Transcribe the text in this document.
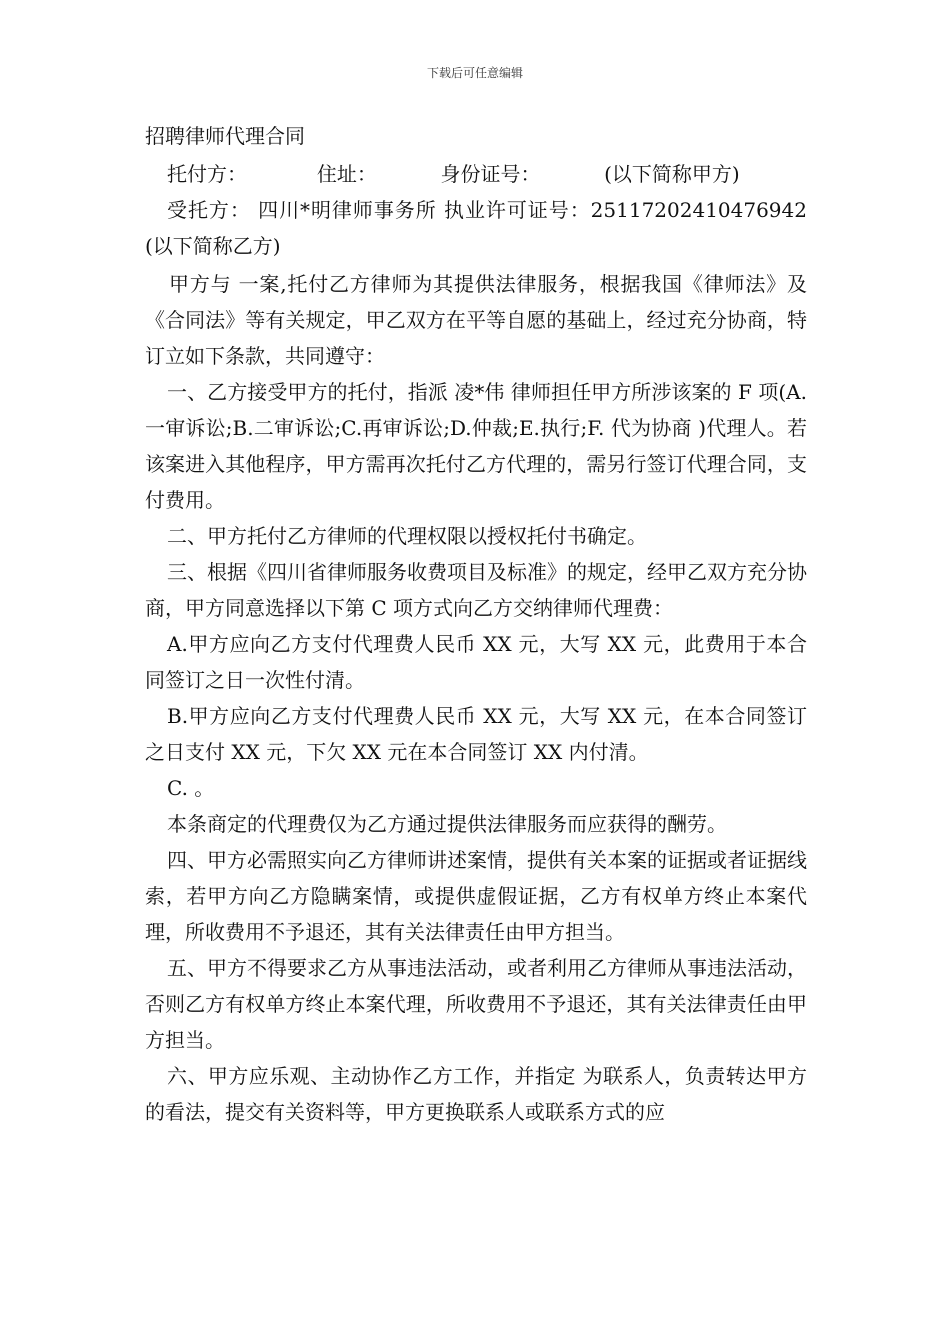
下载后可任意编辑

招聘律师代理合同

托付方：           住址：          身份证号：          (以下简称甲方)

受托方： 四川*明律师事务所 执业许可证号：25117202410476942 (以下简称乙方)

甲方与 一案,托付乙方律师为其提供法律服务，根据我国《律师法》及《合同法》等有关规定，甲乙双方在平等自愿的基础上，经过充分协商，特订立如下条款，共同遵守：

一、乙方接受甲方的托付，指派 凌*伟 律师担任甲方所涉该案的 F 项(A.一审诉讼;B.二审诉讼;C.再审诉讼;D.仲裁;E.执行;F. 代为协商 )代理人。若该案进入其他程序，甲方需再次托付乙方代理的，需另行签订代理合同，支付费用。

二、甲方托付乙方律师的代理权限以授权托付书确定。

三、根据《四川省律师服务收费项目及标准》的规定，经甲乙双方充分协商，甲方同意选择以下第 C 项方式向乙方交纳律师代理费：

A.甲方应向乙方支付代理费人民币 XX 元，大写 XX 元，此费用于本合同签订之日一次性付清。

B.甲方应向乙方支付代理费人民币 XX 元，大写 XX 元，在本合同签订之日支付 XX 元，下欠 XX 元在本合同签订 XX 内付清。

C. 。

本条商定的代理费仅为乙方通过提供法律服务而应获得的酬劳。

四、甲方必需照实向乙方律师讲述案情，提供有关本案的证据或者证据线索，若甲方向乙方隐瞒案情，或提供虚假证据，乙方有权单方终止本案代理，所收费用不予退还，其有关法律责任由甲方担当。

五、甲方不得要求乙方从事违法活动，或者利用乙方律师从事违法活动，否则乙方有权单方终止本案代理，所收费用不予退还，其有关法律责任由甲方担当。

六、甲方应乐观、主动协作乙方工作，并指定 为联系人，负责转达甲方的看法，提交有关资料等，甲方更换联系人或联系方式的应
